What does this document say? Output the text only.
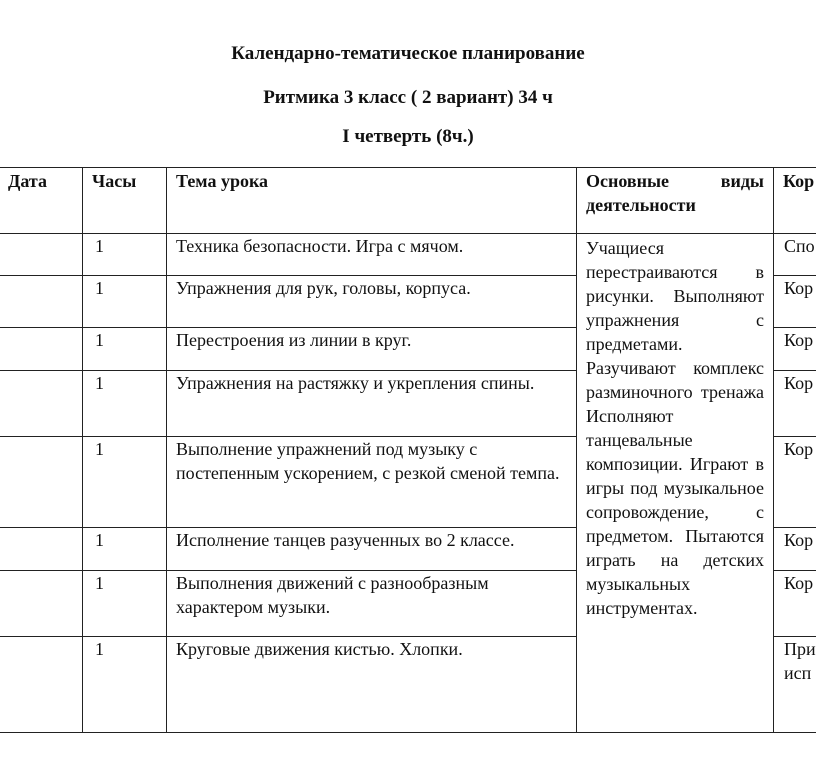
Календарно-тематическое планирование
Ритмика 3 класс ( 2 вариант) 34 ч
I четверть (8ч.)
Дата	Часы	Тема урока	Основные виды деятельности	Кор
	1	Техника безопасности. Игра с мячом.	Учащиеся перестраиваются в рисунки. Выполняют упражнения с предметами. Разучивают комплекс разминочного тренажа Исполняют танцевальные композиции. Играют в игры под музыкальное сопровождение, с предметом. Пытаются играть на детских музыкальных инструментах.	Спо
	1	Упражнения для рук, головы, корпуса.		Кор
	1	Перестроения из линии в круг.		Кор
	1	Упражнения на растяжку и укрепления спины.		Кор
	1	Выполнение упражнений под музыку с постепенным ускорением, с резкой сменой темпа.		Кор
	1	Исполнение танцев разученных во 2 классе.		Кор
	1	Выполнения движений с разнообразным характером музыки.		Кор
	1	Круговые движения кистью. Хлопки.		При исп
